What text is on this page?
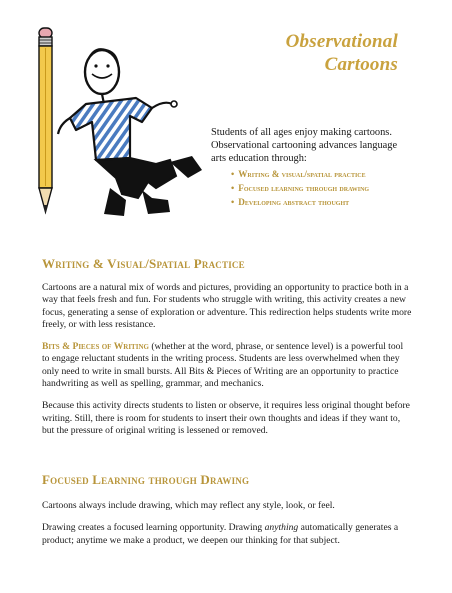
Observational
Cartoons
Students of all ages enjoy making cartoons. Observational cartooning advances language arts education through:
• Writing & visual/spatial practice
• Focused learning through drawing
• Developing abstract thought
Writing & Visual/Spatial Practice

Cartoons are a natural mix of words and pictures, providing an opportunity to practice both in a way that feels fresh and fun. For students who struggle with writing, this activity creates a new focus, generating a sense of exploration or adventure. This redirection helps students write more freely, or with less resistance.

Bits & Pieces of Writing (whether at the word, phrase, or sentence level) is a powerful tool to engage reluctant students in the writing process. Students are less overwhelmed when they only need to write in small bursts. All Bits & Pieces of Writing are an opportunity to practice handwriting as well as spelling, grammar, and mechanics.

Because this activity directs students to listen or observe, it requires less original thought before writing. Still, there is room for students to insert their own thoughts and ideas if they want to, but the pressure of original writing is lessened or removed.

Focused Learning through Drawing

Cartoons always include drawing, which may reflect any style, look, or feel.

Drawing creates a focused learning opportunity. Drawing anything automatically generates a product; anytime we make a product, we deepen our thinking for that subject.
